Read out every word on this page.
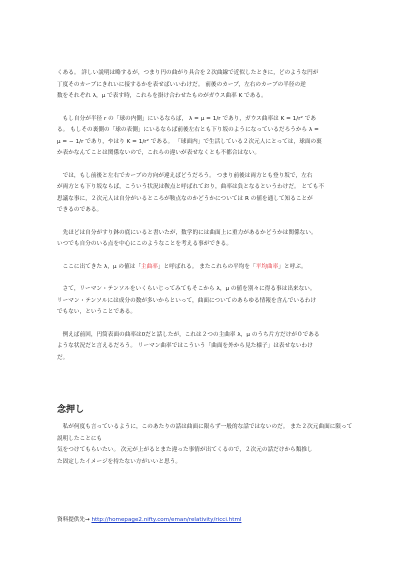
くある。 詳しい説明は略するが，つまり円の曲がり具合を２次曲線で近似したときに，どのような円が

丁度そのカーブにきれいに接するかを表せばいいわけだ。 前後のカーブ，左右のカーブの半径の逆

数をそれぞれ λ，μ で表す時，これらを掛け合わせたものがガウス曲率 K である。

　もし自分が半径 r の「球の内側」にいるならば， λ = μ = 1/r であり，ガウス曲率は K = 1/r² であ

る。 もしその裏側の「球の表側」にいるならば前後左右とも下り坂のようになっているだろうから λ =

μ = − 1/r であり，やはり K = 1/r² である。 「球面内」で生活している２次元人にとっては，球面の裏

か表かなんてことは関係ないので，これらの違いが表せなくとも不都合はない。

　では，もし前後と左右でカーブの方向が違えばどうだろう。 つまり前後は両方とも登り坂で，左右

が両方とも下り坂ならば，こういう状況は鞍点と呼ばれており，曲率は負となるというわけだ。 とても不

思議な事に，２次元人は自分がいるところが鞍点なのかどうかについては R の値を通して知ることが

できるのである。

　先ほどは自分がすり鉢の底にいると書いたが，数学的には曲面上に重力があるかどうかは関係ない。

いつでも自分のいる点を中心にこのようなことを考える事ができる。

　ここに出てきた λ，μ の値は「主曲率」と呼ばれる。 またこれらの平均を「平均曲率」と呼ぶ。

　さて，リーマン・テンソルをいくらいじってみてもそこから λ，μ の値を別々に得る事は出来ない。

リーマン・テンソルには成分の数が多いからといって，曲面についてのあらゆる情報を含んでいるわけ

でもない，ということである。

　例えば前回，円筒表面の曲率は0だと話したが，これは２つの主曲率 λ，μ のうち片方だけが０である

ような状況だと言えるだろう。 リーマン曲率ではこういう「曲面を外から見た様子」は表せないわけ

だ。

念押し

　私が何度も言っているように，このあたりの話は曲面に限らず一般的な話ではないのだ。 また２次元曲面に限って説明したことにも

気をつけてもらいたい。 次元が上がるとまた違った事情が出てくるので，２次元の話だけから類推し

た固定したイメージを持たない方がいいと思う。

資料提供先→ http://homepage2.nifty.com/eman/relativity/ricci.html
